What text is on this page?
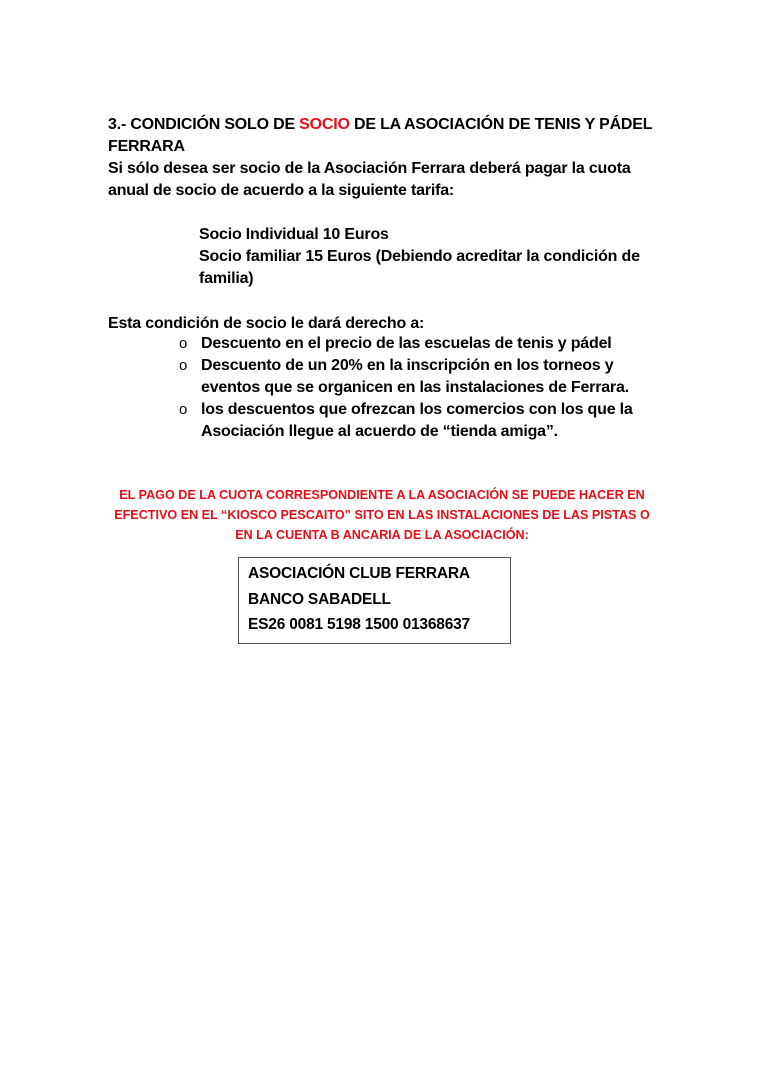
3.- CONDICIÓN SOLO DE SOCIO DE LA ASOCIACIÓN DE TENIS Y PÁDEL
FERRARA
Si sólo desea ser socio de la Asociación Ferrara deberá pagar la cuota
anual de socio de acuerdo a la siguiente tarifa:
Socio Individual 10 Euros
Socio familiar 15 Euros (Debiendo acreditar la condición de
familia)
Esta condición de socio le dará derecho a:
o Descuento en el precio de las escuelas de tenis y pádel
o Descuento de un 20% en la inscripción en los torneos y
eventos que se organicen en las instalaciones de Ferrara.
o los descuentos que ofrezcan los comercios con los que la
Asociación llegue al acuerdo de “tienda amiga”.
EL PAGO DE LA CUOTA CORRESPONDIENTE A LA ASOCIACIÓN SE PUEDE HACER EN
EFECTIVO EN EL “KIOSCO PESCAITO” SITO EN LAS INSTALACIONES DE LAS PISTAS O
EN LA CUENTA B ANCARIA DE LA ASOCIACIÓN:
ASOCIACIÓN CLUB FERRARA
BANCO SABADELL
ES26 0081 5198 1500 01368637
